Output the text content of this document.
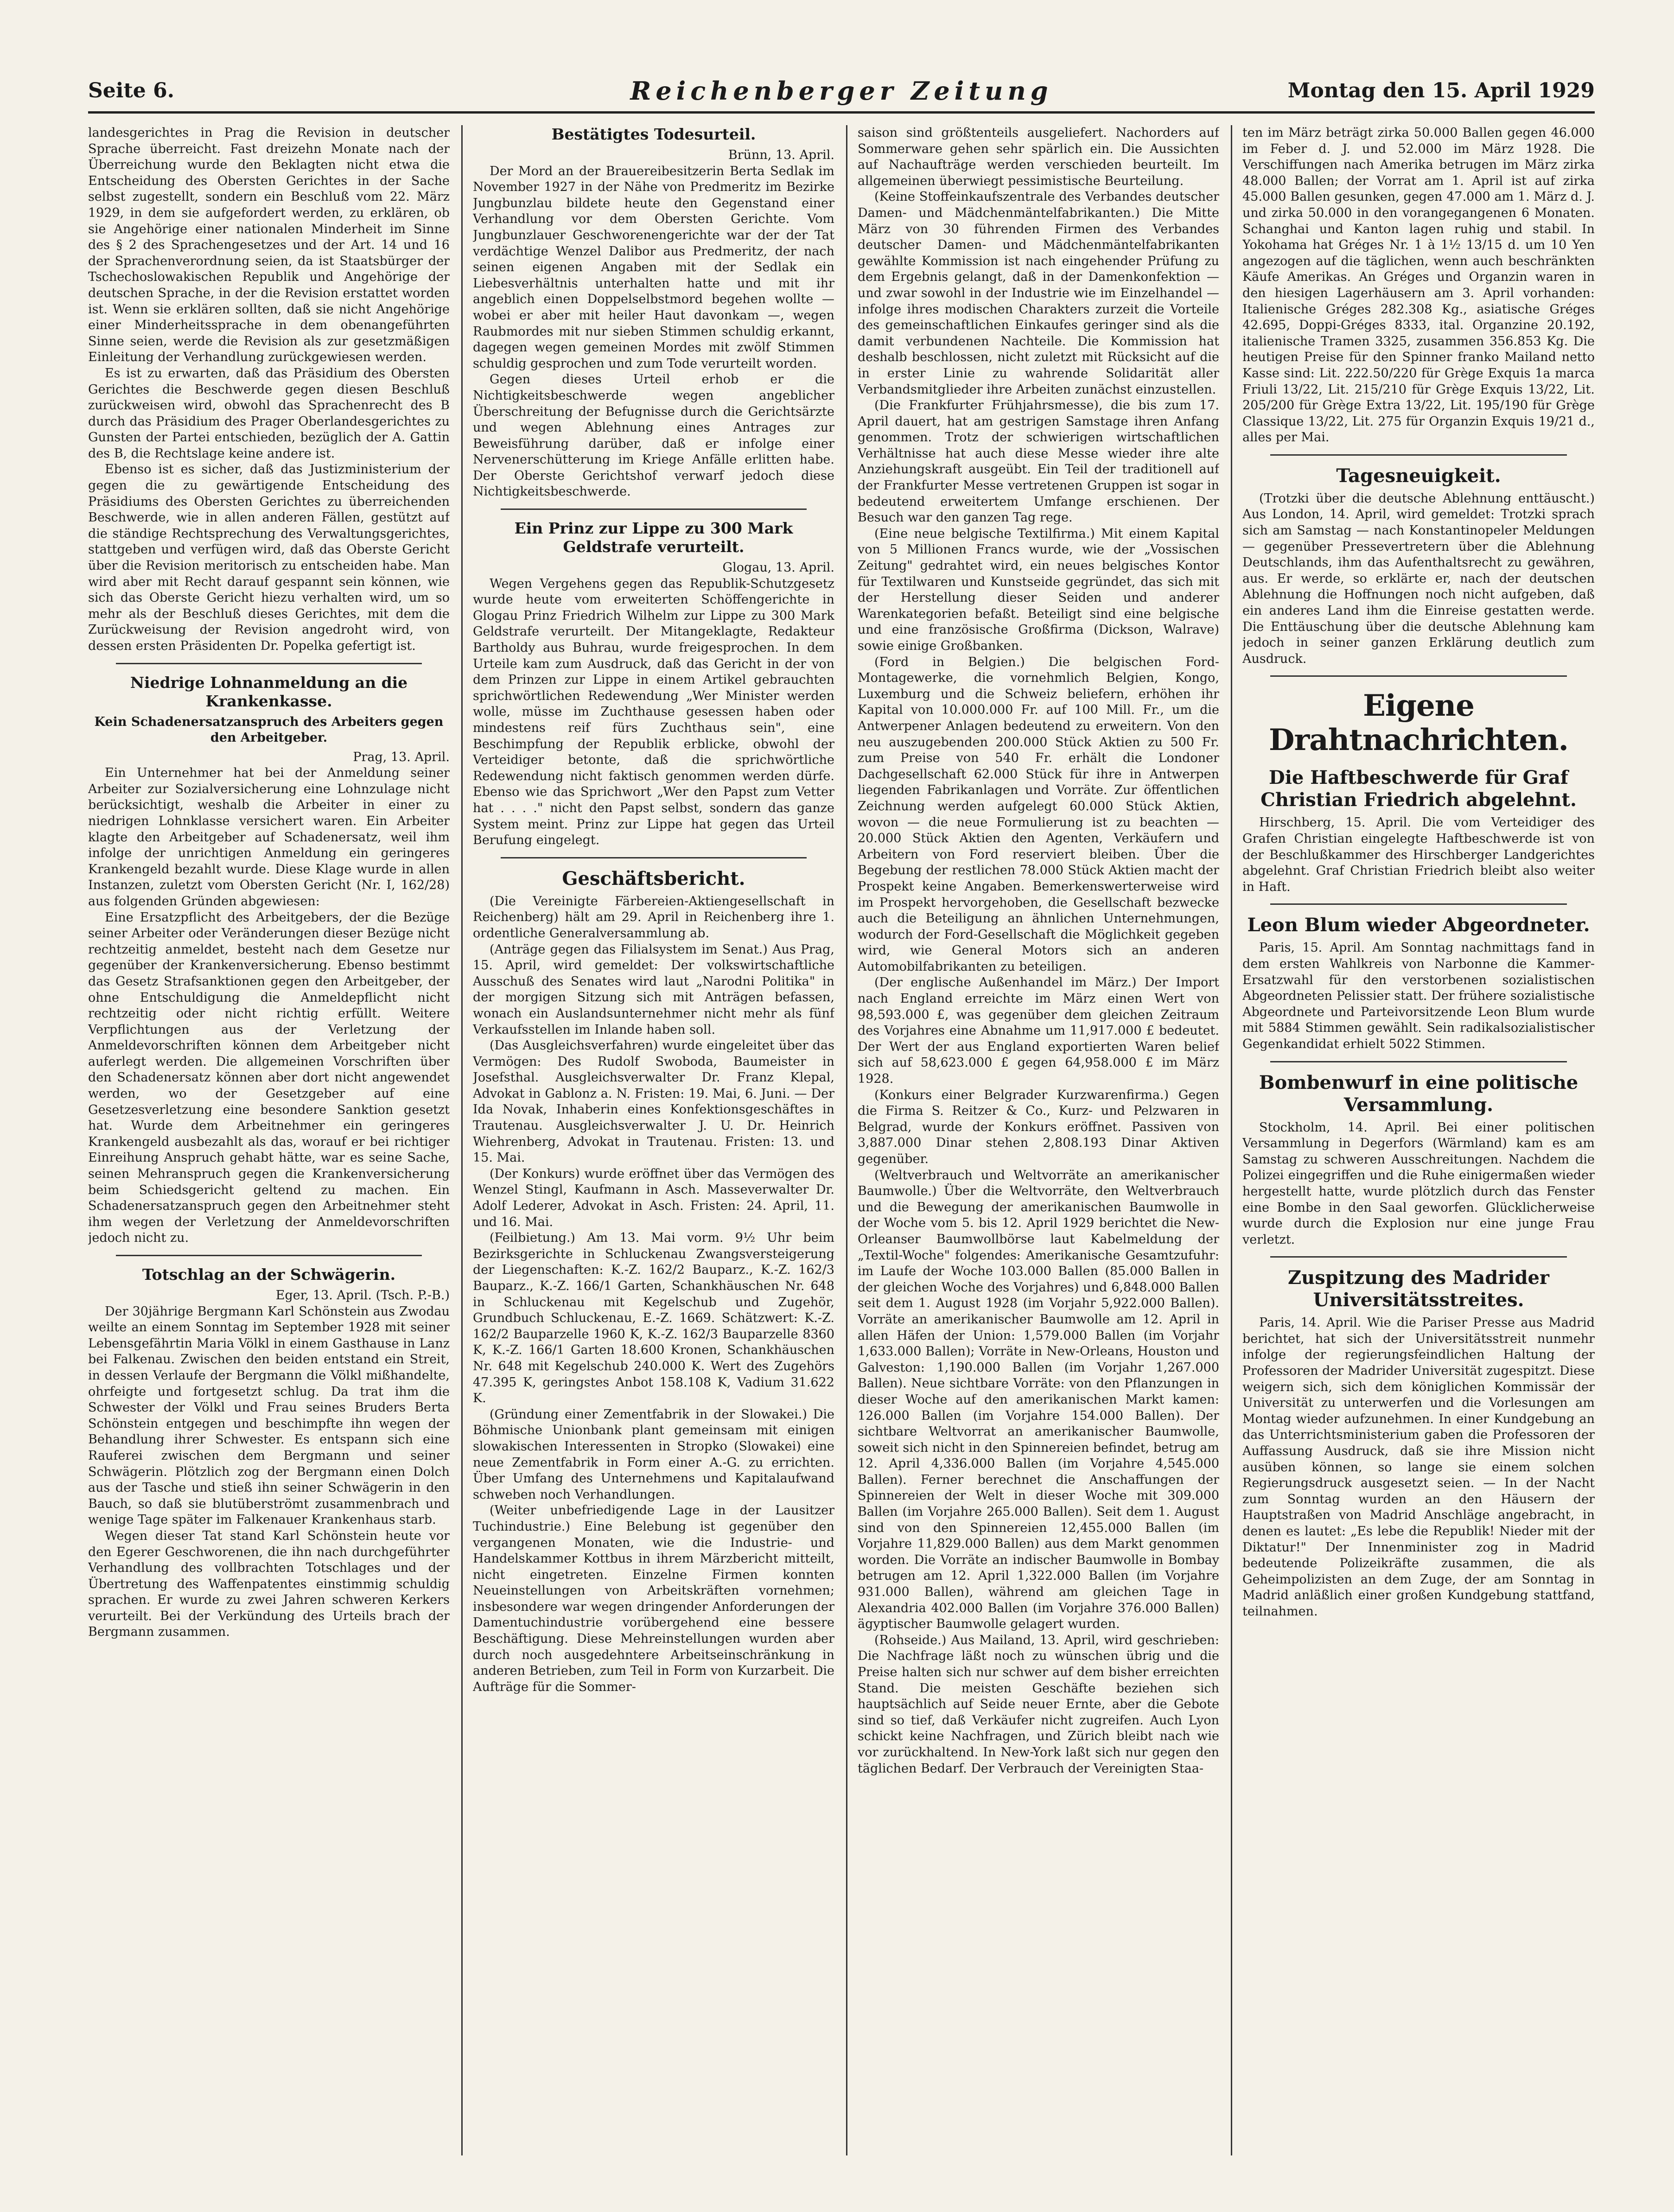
Seite 6.	Reichenberger Zeitung	Montag den 15. April 1929

landesgerichtes in Prag die Revision in deutscher Sprache überreicht. Fast dreizehn Monate nach der Überreichung wurde den Beklagten nicht etwa die Entscheidung des Obersten Gerichtes in der Sache selbst zugestellt, sondern ein Beschluß vom 22. März 1929, in dem sie aufgefordert werden, zu erklären, ob sie Angehörige einer nationalen Minderheit im Sinne des § 2 des Sprachengesetzes und der Art. 14 und 16 der Sprachenverordnung seien, da ist Staatsbürger der Tschechoslowakischen Republik und Angehörige der deutschen Sprache, in der die Revision erstattet worden ist. Wenn sie erklären sollten, daß sie nicht Angehörige einer Minderheitssprache in dem obenangeführten Sinne seien, werde die Revision als zur gesetzmäßigen Einleitung der Verhandlung zurückgewiesen werden.

Es ist zu erwarten, daß das Präsidium des Obersten Gerichtes die Beschwerde gegen diesen Beschluß zurückweisen wird, obwohl das Sprachenrecht des B durch das Präsidium des Prager Oberlandesgerichtes zu Gunsten der Partei entschieden, bezüglich der A. Gattin des B, die Rechtslage keine andere ist.

Ebenso ist es sicher, daß das Justizministerium der gegen die zu gewärtigende Entscheidung des Präsidiums des Obersten Gerichtes zu überreichenden Beschwerde, wie in allen anderen Fällen, gestützt auf die ständige Rechtsprechung des Verwaltungsgerichtes, stattgeben und verfügen wird, daß das Oberste Gericht über die Revision meritorisch zu entscheiden habe. Man wird aber mit Recht darauf gespannt sein können, wie sich das Oberste Gericht hiezu verhalten wird, um so mehr als der Beschluß dieses Gerichtes, mit dem die Zurückweisung der Revision angedroht wird, von dessen ersten Präsidenten Dr. Popelka gefertigt ist.

Niedrige Lohnanmeldung an die Krankenkasse.
Kein Schadenersatzanspruch des Arbeiters gegen den Arbeitgeber.

Prag, 13. April.

Ein Unternehmer hat bei der Anmeldung seiner Arbeiter zur Sozialversicherung eine Lohnzulage nicht berücksichtigt, weshalb die Arbeiter in einer zu niedrigen Lohnklasse versichert waren. Ein Arbeiter klagte den Arbeitgeber auf Schadenersatz, weil ihm infolge der unrichtigen Anmeldung ein geringeres Krankengeld bezahlt wurde. Diese Klage wurde in allen Instanzen, zuletzt vom Obersten Gericht (Nr. I, 162/28) aus folgenden Gründen abgewiesen:

Eine Ersatzpflicht des Arbeitgebers, der die Bezüge seiner Arbeiter oder Veränderungen dieser Bezüge nicht rechtzeitig anmeldet, besteht nach dem Gesetze nur gegenüber der Krankenversicherung. Ebenso bestimmt das Gesetz Strafsanktionen gegen den Arbeitgeber, der ohne Entschuldigung die Anmeldepflicht nicht rechtzeitig oder nicht richtig erfüllt. Weitere Verpflichtungen aus der Verletzung der Anmeldevorschriften können dem Arbeitgeber nicht auferlegt werden. Die allgemeinen Vorschriften über den Schadenersatz können aber dort nicht angewendet werden, wo der Gesetzgeber auf eine Gesetzesverletzung eine besondere Sanktion gesetzt hat. Wurde dem Arbeitnehmer ein geringeres Krankengeld ausbezahlt als das, worauf er bei richtiger Einreihung Anspruch gehabt hätte, war es seine Sache, seinen Mehranspruch gegen die Krankenversicherung beim Schiedsgericht geltend zu machen. Ein Schadenersatzanspruch gegen den Arbeitnehmer steht ihm wegen der Verletzung der Anmeldevorschriften jedoch nicht zu.

Totschlag an der Schwägerin.

Eger, 13. April. (Tsch. P.-B.)

Der 30jährige Bergmann Karl Schönstein aus Zwodau weilte an einem Sonntag im September 1928 mit seiner Lebensgefährtin Maria Völkl in einem Gasthause in Lanz bei Falkenau. Zwischen den beiden entstand ein Streit, in dessen Verlaufe der Bergmann die Völkl mißhandelte, ohrfeigte und fortgesetzt schlug. Da trat ihm die Schwester der Völkl und Frau seines Bruders Berta Schönstein entgegen und beschimpfte ihn wegen der Behandlung ihrer Schwester. Es entspann sich eine Rauferei zwischen dem Bergmann und seiner Schwägerin. Plötzlich zog der Bergmann einen Dolch aus der Tasche und stieß ihn seiner Schwägerin in den Bauch, so daß sie blutüberströmt zusammenbrach und wenige Tage später im Falkenauer Krankenhaus starb.

Wegen dieser Tat stand Karl Schönstein heute vor den Egerer Geschworenen, die ihn nach durchgeführter Verhandlung des vollbrachten Totschlages und der Übertretung des Waffenpatentes einstimmig schuldig sprachen. Er wurde zu zwei Jahren schweren Kerkers verurteilt. Bei der Verkündung des Urteils brach der Bergmann zusammen.

Bestätigtes Todesurteil.

Brünn, 13. April.

Der Mord an der Brauereibesitzerin Berta Sedlak im November 1927 in der Nähe von Predmeritz im Bezirke Jungbunzlau bildete heute den Gegenstand einer Verhandlung vor dem Obersten Gerichte. Vom Jungbunzlauer Geschworenengerichte war der der Tat verdächtige Wenzel Dalibor aus Predmeritz, der nach seinen eigenen Angaben mit der Sedlak ein Liebesverhältnis unterhalten hatte und mit ihr angeblich einen Doppelselbstmord begehen wollte — wobei er aber mit heiler Haut davonkam —, wegen Raubmordes mit nur sieben Stimmen schuldig erkannt, dagegen wegen gemeinen Mordes mit zwölf Stimmen schuldig gesprochen und zum Tode verurteilt worden.

Gegen dieses Urteil erhob er die Nichtigkeitsbeschwerde wegen angeblicher Überschreitung der Befugnisse durch die Gerichtsärzte und wegen Ablehnung eines Antrages zur Beweisführung darüber, daß er infolge einer Nervenerschütterung im Kriege Anfälle erlitten habe. Der Oberste Gerichtshof verwarf jedoch diese Nichtigkeitsbeschwerde.

Ein Prinz zur Lippe zu 300 Mark Geldstrafe verurteilt.

Glogau, 13. April.

Wegen Vergehens gegen das Republik-Schutzgesetz wurde heute vom erweiterten Schöffengerichte in Glogau Prinz Friedrich Wilhelm zur Lippe zu 300 Mark Geldstrafe verurteilt. Der Mitangeklagte, Redakteur Bartholdy aus Buhrau, wurde freigesprochen. In dem Urteile kam zum Ausdruck, daß das Gericht in der von dem Prinzen zur Lippe in einem Artikel gebrauchten sprichwörtlichen Redewendung „Wer Minister werden wolle, müsse im Zuchthause gesessen haben oder mindestens reif fürs Zuchthaus sein", eine Beschimpfung der Republik erblicke, obwohl der Verteidiger betonte, daß die sprichwörtliche Redewendung nicht faktisch genommen werden dürfe. Ebenso wie das Sprichwort „Wer den Papst zum Vetter hat . . . ." nicht den Papst selbst, sondern das ganze System meint. Prinz zur Lippe hat gegen das Urteil Berufung eingelegt.

Geschäftsbericht.

(Die Vereinigte Färbereien-Aktiengesellschaft in Reichenberg) hält am 29. April in Reichenberg ihre 1. ordentliche Generalversammlung ab.

(Anträge gegen das Filialsystem im Senat.) Aus Prag, 15. April, wird gemeldet: Der volkswirtschaftliche Ausschuß des Senates wird laut „Narodni Politika" in der morgigen Sitzung sich mit Anträgen befassen, wonach ein Auslandsunternehmer nicht mehr als fünf Verkaufsstellen im Inlande haben soll.

(Das Ausgleichsverfahren) wurde eingeleitet über das Vermögen: Des Rudolf Swoboda, Baumeister in Josefsthal. Ausgleichsverwalter Dr. Franz Klepal, Advokat in Gablonz a. N. Fristen: 19. Mai, 6. Juni. — Der Ida Novak, Inhaberin eines Konfektionsgeschäftes in Trautenau. Ausgleichsverwalter J. U. Dr. Heinrich Wiehrenberg, Advokat in Trautenau. Fristen: 13. und 15. Mai.

(Der Konkurs) wurde eröffnet über das Vermögen des Wenzel Stingl, Kaufmann in Asch. Masseverwalter Dr. Adolf Lederer, Advokat in Asch. Fristen: 24. April, 11. und 16. Mai.

(Feilbietung.) Am 13. Mai vorm. 9½ Uhr beim Bezirksgerichte in Schluckenau Zwangsversteigerung der Liegenschaften: K.-Z. 162/2 Bauparz., K.-Z. 162/3 Bauparz., K.-Z. 166/1 Garten, Schankhäuschen Nr. 648 in Schluckenau mit Kegelschub und Zugehör, Grundbuch Schluckenau, E.-Z. 1669. Schätzwert: K.-Z. 162/2 Bauparzelle 1960 K, K.-Z. 162/3 Bauparzelle 8360 K, K.-Z. 166/1 Garten 18.600 Kronen, Schankhäuschen Nr. 648 mit Kegelschub 240.000 K. Wert des Zugehörs 47.395 K, geringstes Anbot 158.108 K, Vadium 31.622 K.

(Gründung einer Zementfabrik in der Slowakei.) Die Böhmische Unionbank plant gemeinsam mit einigen slowakischen Interessenten in Stropko (Slowakei) eine neue Zementfabrik in Form einer A.-G. zu errichten. Über Umfang des Unternehmens und Kapitalaufwand schweben noch Verhandlungen.

(Weiter unbefriedigende Lage in der Lausitzer Tuchindustrie.) Eine Belebung ist gegenüber den vergangenen Monaten, wie die Industrie- und Handelskammer Kottbus in ihrem Märzbericht mitteilt, nicht eingetreten. Einzelne Firmen konnten Neueinstellungen von Arbeitskräften vornehmen; insbesondere war wegen dringender Anforderungen der Damentuchindustrie vorübergehend eine bessere Beschäftigung. Diese Mehreinstellungen wurden aber durch noch ausgedehntere Arbeitseinschränkung in anderen Betrieben, zum Teil in Form von Kurzarbeit. Die Aufträge für die Sommer-

saison sind größtenteils ausgeliefert. Nachorders auf Sommerware gehen sehr spärlich ein. Die Aussichten auf Nachaufträge werden verschieden beurteilt. Im allgemeinen überwiegt pessimistische Beurteilung.

(Keine Stoffeinkaufszentrale des Verbandes deutscher Damen- und Mädchenmäntelfabrikanten.) Die Mitte März von 30 führenden Firmen des Verbandes deutscher Damen- und Mädchenmäntelfabrikanten gewählte Kommission ist nach eingehender Prüfung zu dem Ergebnis gelangt, daß in der Damenkonfektion — und zwar sowohl in der Industrie wie im Einzelhandel — infolge ihres modischen Charakters zurzeit die Vorteile des gemeinschaftlichen Einkaufes geringer sind als die damit verbundenen Nachteile. Die Kommission hat deshalb beschlossen, nicht zuletzt mit Rücksicht auf die in erster Linie zu wahrende Solidarität aller Verbandsmitglieder ihre Arbeiten zunächst einzustellen.

(Die Frankfurter Frühjahrsmesse), die bis zum 17. April dauert, hat am gestrigen Samstage ihren Anfang genommen. Trotz der schwierigen wirtschaftlichen Verhältnisse hat auch diese Messe wieder ihre alte Anziehungskraft ausgeübt. Ein Teil der traditionell auf der Frankfurter Messe vertretenen Gruppen ist sogar in bedeutend erweitertem Umfange erschienen. Der Besuch war den ganzen Tag rege.

(Eine neue belgische Textilfirma.) Mit einem Kapital von 5 Millionen Francs wurde, wie der „Vossischen Zeitung" gedrahtet wird, ein neues belgisches Kontor für Textilwaren und Kunstseide gegründet, das sich mit der Herstellung dieser Seiden und anderer Warenkategorien befaßt. Beteiligt sind eine belgische und eine französische Großfirma (Dickson, Walrave) sowie einige Großbanken.

(Ford in Belgien.) Die belgischen Ford-Montagewerke, die vornehmlich Belgien, Kongo, Luxemburg und die Schweiz beliefern, erhöhen ihr Kapital von 10.000.000 Fr. auf 100 Mill. Fr., um die Antwerpener Anlagen bedeutend zu erweitern. Von den neu auszugebenden 200.000 Stück Aktien zu 500 Fr. zum Preise von 540 Fr. erhält die Londoner Dachgesellschaft 62.000 Stück für ihre in Antwerpen liegenden Fabrikanlagen und Vorräte. Zur öffentlichen Zeichnung werden aufgelegt 60.000 Stück Aktien, wovon — die neue Formulierung ist zu beachten — 20.000 Stück Aktien den Agenten, Verkäufern und Arbeitern von Ford reserviert bleiben. Über die Begebung der restlichen 78.000 Stück Aktien macht der Prospekt keine Angaben. Bemerkenswerterweise wird im Prospekt hervorgehoben, die Gesellschaft bezwecke auch die Beteiligung an ähnlichen Unternehmungen, wodurch der Ford-Gesellschaft die Möglichkeit gegeben wird, wie General Motors sich an anderen Automobilfabrikanten zu beteiligen.

(Der englische Außenhandel im März.) Der Import nach England erreichte im März einen Wert von 98,593.000 £, was gegenüber dem gleichen Zeitraum des Vorjahres eine Abnahme um 11,917.000 £ bedeutet. Der Wert der aus England exportierten Waren belief sich auf 58,623.000 £ gegen 64,958.000 £ im März 1928.

(Konkurs einer Belgrader Kurzwarenfirma.) Gegen die Firma S. Reitzer & Co., Kurz- und Pelzwaren in Belgrad, wurde der Konkurs eröffnet. Passiven von 3,887.000 Dinar stehen 2,808.193 Dinar Aktiven gegenüber.

(Weltverbrauch und Weltvorräte an amerikanischer Baumwolle.) Über die Weltvorräte, den Weltverbrauch und die Bewegung der amerikanischen Baumwolle in der Woche vom 5. bis 12. April 1929 berichtet die New-Orleanser Baumwollbörse laut Kabelmeldung der „Textil-Woche" folgendes: Amerikanische Gesamtzufuhr: im Laufe der Woche 103.000 Ballen (85.000 Ballen in der gleichen Woche des Vorjahres) und 6,848.000 Ballen seit dem 1. August 1928 (im Vorjahr 5,922.000 Ballen). Vorräte an amerikanischer Baumwolle am 12. April in allen Häfen der Union: 1,579.000 Ballen (im Vorjahr 1,633.000 Ballen); Vorräte in New-Orleans, Houston und Galveston: 1,190.000 Ballen (im Vorjahr 1,267.000 Ballen). Neue sichtbare Vorräte: von den Pflanzungen in dieser Woche auf den amerikanischen Markt kamen: 126.000 Ballen (im Vorjahre 154.000 Ballen). Der sichtbare Weltvorrat an amerikanischer Baumwolle, soweit sich nicht in den Spinnereien befindet, betrug am 12. April 4,336.000 Ballen (im Vorjahre 4,545.000 Ballen). Ferner berechnet die Anschaffungen der Spinnereien der Welt in dieser Woche mit 309.000 Ballen (im Vorjahre 265.000 Ballen). Seit dem 1. August sind von den Spinnereien 12,455.000 Ballen (im Vorjahre 11,829.000 Ballen) aus dem Markt genommen worden. Die Vorräte an indischer Baumwolle in Bombay betrugen am 12. April 1,322.000 Ballen (im Vorjahre 931.000 Ballen), während am gleichen Tage in Alexandria 402.000 Ballen (im Vorjahre 376.000 Ballen) ägyptischer Baumwolle gelagert wurden.

(Rohseide.) Aus Mailand, 13. April, wird geschrieben: Die Nachfrage läßt noch zu wünschen übrig und die Preise halten sich nur schwer auf dem bisher erreichten Stand. Die meisten Geschäfte beziehen sich hauptsächlich auf Seide neuer Ernte, aber die Gebote sind so tief, daß Verkäufer nicht zugreifen. Auch Lyon schickt keine Nachfragen, und Zürich bleibt nach wie vor zurückhaltend. In New-York laßt sich nur gegen den täglichen Bedarf. Der Verbrauch der Vereinigten Staa-

ten im März beträgt zirka 50.000 Ballen gegen 46.000 im Feber d. J. und 52.000 im März 1928. Die Verschiffungen nach Amerika betrugen im März zirka 48.000 Ballen; der Vorrat am 1. April ist auf zirka 45.000 Ballen gesunken, gegen 47.000 am 1. März d. J. und zirka 50.000 in den vorangegangenen 6 Monaten. Schanghai und Kanton lagen ruhig und stabil. In Yokohama hat Gréges Nr. 1 à 1½ 13/15 d. um 10 Yen angezogen auf die täglichen, wenn auch beschränkten Käufe Amerikas. An Gréges und Organzin waren in den hiesigen Lagerhäusern am 3. April vorhanden: Italienische Gréges 282.308 Kg., asiatische Gréges 42.695, Doppi-Gréges 8333, ital. Organzine 20.192, italienische Tramen 3325, zusammen 356.853 Kg. Die heutigen Preise für den Spinner franko Mailand netto Kasse sind: Lit. 222.50/220 für Grège Exquis 1a marca Friuli 13/22, Lit. 215/210 für Grège Exquis 13/22, Lit. 205/200 für Grège Extra 13/22, Lit. 195/190 für Grège Classique 13/22, Lit. 275 für Organzin Exquis 19/21 d., alles per Mai.

Tagesneuigkeit.

(Trotzki über die deutsche Ablehnung enttäuscht.) Aus London, 14. April, wird gemeldet: Trotzki sprach sich am Samstag — nach Konstantinopeler Meldungen — gegenüber Pressevertretern über die Ablehnung Deutschlands, ihm das Aufenthaltsrecht zu gewähren, aus. Er werde, so erklärte er, nach der deutschen Ablehnung die Hoffnungen noch nicht aufgeben, daß ein anderes Land ihm die Einreise gestatten werde. Die Enttäuschung über die deutsche Ablehnung kam jedoch in seiner ganzen Erklärung deutlich zum Ausdruck.

Eigene Drahtnachrichten.
Die Haftbeschwerde für Graf Christian Friedrich abgelehnt.

Hirschberg, 15. April. Die vom Verteidiger des Grafen Christian eingelegte Haftbeschwerde ist von der Beschlußkammer des Hirschberger Landgerichtes abgelehnt. Graf Christian Friedrich bleibt also weiter in Haft.

Leon Blum wieder Abgeordneter.

Paris, 15. April. Am Sonntag nachmittags fand in dem ersten Wahlkreis von Narbonne die Kammer-Ersatzwahl für den verstorbenen sozialistischen Abgeordneten Pelissier statt. Der frühere sozialistische Abgeordnete und Parteivorsitzende Leon Blum wurde mit 5884 Stimmen gewählt. Sein radikalsozialistischer Gegenkandidat erhielt 5022 Stimmen.

Bombenwurf in eine politische Versammlung.

Stockholm, 14. April. Bei einer politischen Versammlung in Degerfors (Wärmland) kam es am Samstag zu schweren Ausschreitungen. Nachdem die Polizei eingegriffen und die Ruhe einigermaßen wieder hergestellt hatte, wurde plötzlich durch das Fenster eine Bombe in den Saal geworfen. Glücklicherweise wurde durch die Explosion nur eine junge Frau verletzt.

Zuspitzung des Madrider Universitätsstreites.

Paris, 14. April. Wie die Pariser Presse aus Madrid berichtet, hat sich der Universitätsstreit nunmehr infolge der regierungsfeindlichen Haltung der Professoren der Madrider Universität zugespitzt. Diese weigern sich, sich dem königlichen Kommissär der Universität zu unterwerfen und die Vorlesungen am Montag wieder aufzunehmen. In einer Kundgebung an das Unterrichtsministerium gaben die Professoren der Auffassung Ausdruck, daß sie ihre Mission nicht ausüben können, so lange sie einem solchen Regierungsdruck ausgesetzt seien. — In der Nacht zum Sonntag wurden an den Häusern der Hauptstraßen von Madrid Anschläge angebracht, in denen es lautet: „Es lebe die Republik! Nieder mit der Diktatur!" Der Innenminister zog in Madrid bedeutende Polizeikräfte zusammen, die als Geheimpolizisten an dem Zuge, der am Sonntag in Madrid anläßlich einer großen Kundgebung stattfand, teilnahmen.
